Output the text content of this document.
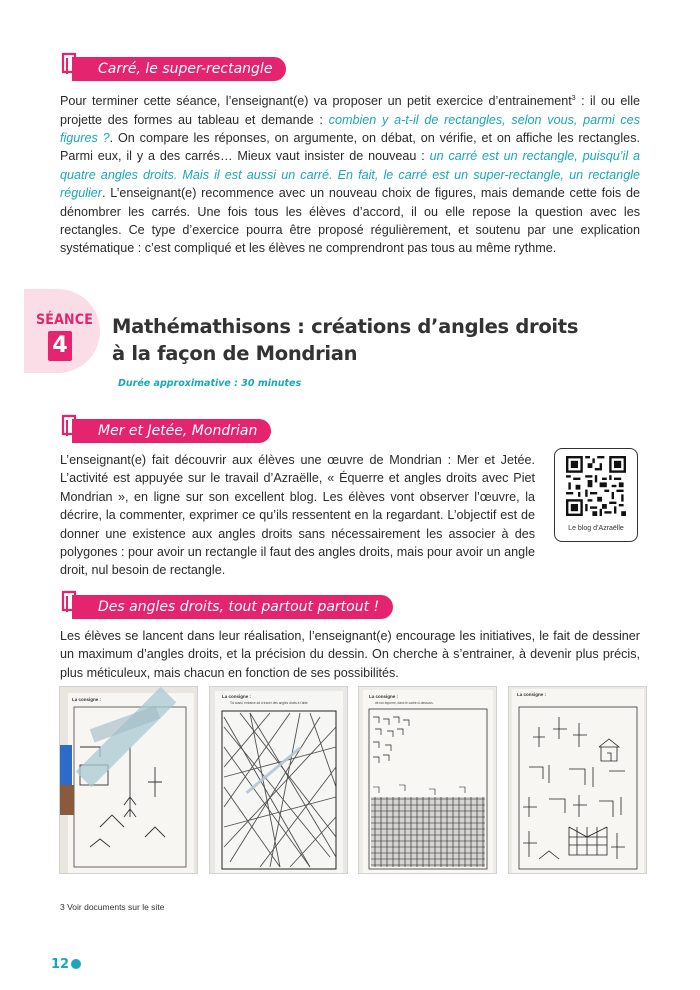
Carré, le super-rectangle

Pour terminer cette séance, l’enseignant(e) va proposer un petit exercice d’entrainement$^3$ : il ou elle projette des formes au tableau et demande : combien y a-t-il de rectangles, selon vous, parmi ces figures ?. On compare les réponses, on argumente, on débat, on vérifie, et on affiche les rectangles. Parmi eux, il y a des carrés… Mieux vaut insister de nouveau : un carré est un rectangle, puisqu’il a quatre angles droits. Mais il est aussi un carré. En fait, le carré est un super-rectangle, un rectangle régulier. L’enseignant(e) recommence avec un nouveau choix de figures, mais demande cette fois de dénombrer les carrés. Une fois tous les élèves d’accord, il ou elle repose la question avec les rectangles. Ce type d’exercice pourra être proposé régulièrement, et soutenu par une explication systématique : c’est compliqué et les élèves ne comprendront pas tous au même rythme.

SÉANCE
4
Mathémathisons : créations d’angles droits
à la façon de Mondrian
Durée approximative : 30 minutes
Mer et Jetée, Mondrian

L’enseignant(e) fait découvrir aux élèves une œuvre de Mondrian : Mer et Jetée. L’activité est appuyée sur le travail d’Azraëlle, « Équerre et angles droits avec Piet Mondrian », en ligne sur son excellent blog. Les élèves vont observer l’œuvre, la décrire, la commenter, exprimer ce qu’ils ressentent en la regardant. L’objectif est de donner une existence aux angles droits sans nécessairement les associer à des polygones : pour avoir un rectangle il faut des angles droits, mais pour avoir un angle droit, nul besoin de rectangle.

Le blog d’Azraëlle
Des angles droits, tout partout partout !

Les élèves se lancent dans leur réalisation, l’enseignant(e) encourage les initiatives, le fait de dessiner un maximum d’angles droits, et la précision du dessin. On cherche à s’entrainer, à devenir plus précis, plus méticuleux, mais chacun en fonction de ses possibilités.

La consigne :
La consigne :
Toi aussi, entraine-toi à tracer des angles droits à l’aide
La consigne :
de ton équerre, dans le cadre ci-dessous.
La consigne :
3 Voir documents sur le site
12
